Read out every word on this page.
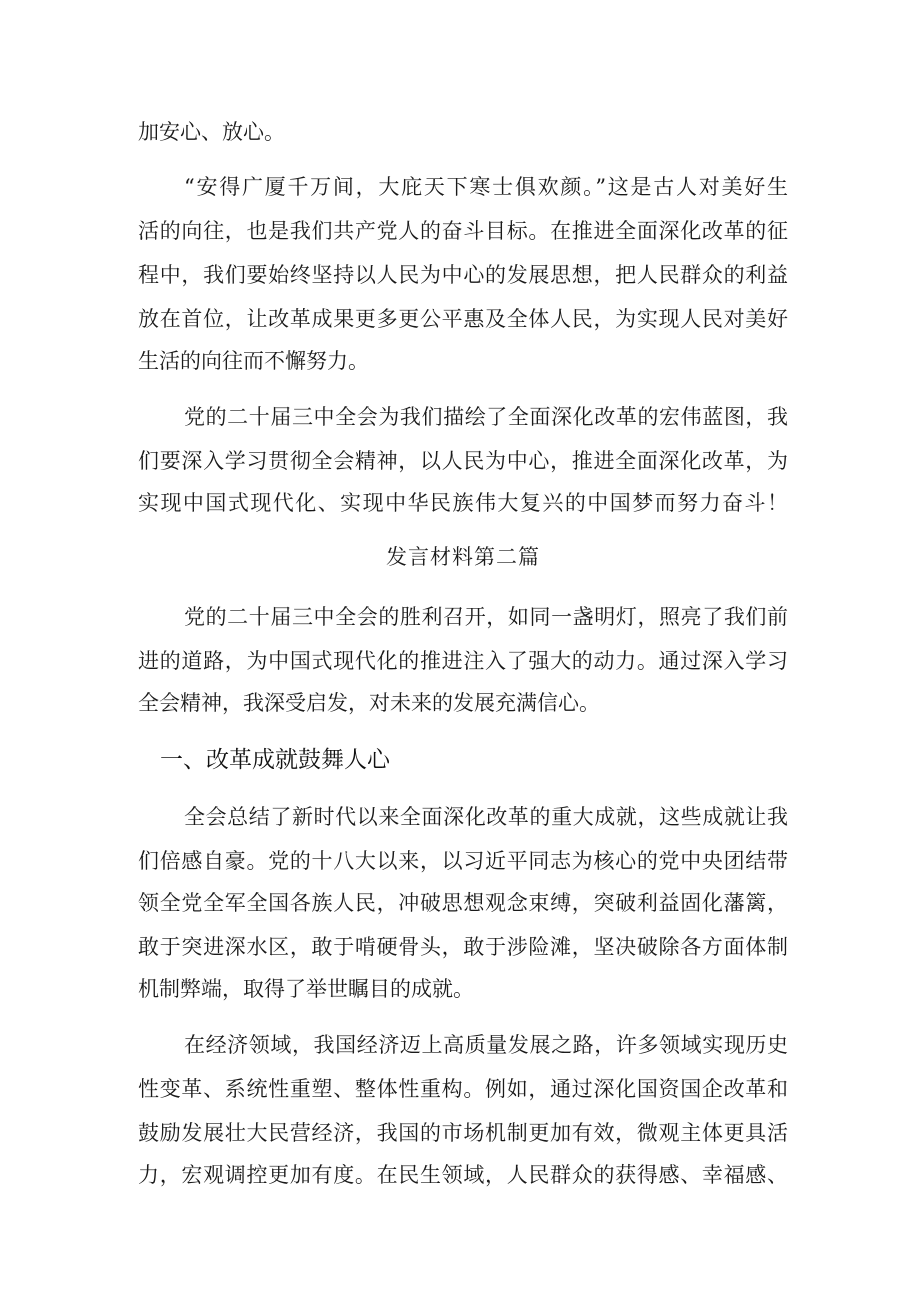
加安心、放心。
“安得广厦千万间，大庇天下寒士俱欢颜。”这是古人对美好生
活的向往，也是我们共产党人的奋斗目标。在推进全面深化改革的征
程中，我们要始终坚持以人民为中心的发展思想，把人民群众的利益
放在首位，让改革成果更多更公平惠及全体人民，为实现人民对美好
生活的向往而不懈努力。
党的二十届三中全会为我们描绘了全面深化改革的宏伟蓝图，我
们要深入学习贯彻全会精神，以人民为中心，推进全面深化改革，为
实现中国式现代化、实现中华民族伟大复兴的中国梦而努力奋斗！
发言材料第二篇
党的二十届三中全会的胜利召开，如同一盏明灯，照亮了我们前
进的道路，为中国式现代化的推进注入了强大的动力。通过深入学习
全会精神，我深受启发，对未来的发展充满信心。
一、改革成就鼓舞人心
全会总结了新时代以来全面深化改革的重大成就，这些成就让我
们倍感自豪。党的十八大以来，以习近平同志为核心的党中央团结带
领全党全军全国各族人民，冲破思想观念束缚，突破利益固化藩篱，
敢于突进深水区，敢于啃硬骨头，敢于涉险滩，坚决破除各方面体制
机制弊端，取得了举世瞩目的成就。
在经济领域，我国经济迈上高质量发展之路，许多领域实现历史
性变革、系统性重塑、整体性重构。例如，通过深化国资国企改革和
鼓励发展壮大民营经济，我国的市场机制更加有效，微观主体更具活
力，宏观调控更加有度。在民生领域，人民群众的获得感、幸福感、
